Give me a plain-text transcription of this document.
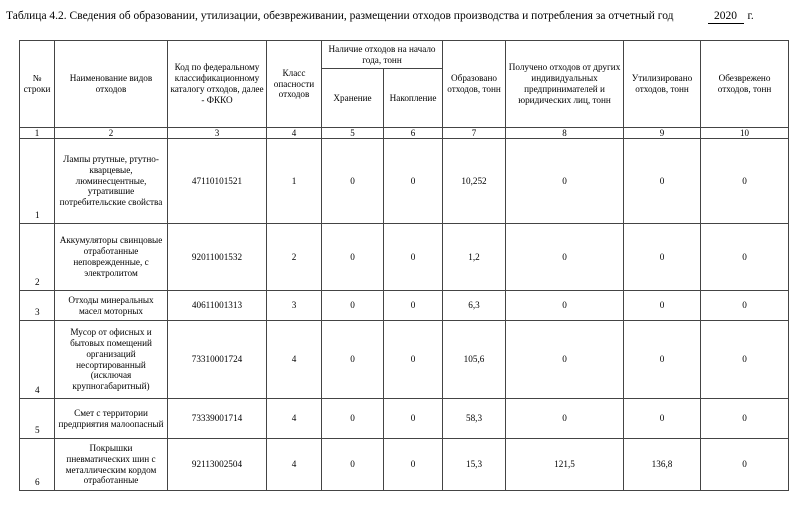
Таблица 4.2. Сведения об образовании, утилизации, обезвреживании, размещении отходов производства и потребления за отчетный год	2020 г.
№ строки	Наименование видов отходов	Код по федеральному классификационному каталогу отходов, далее - ФККО	Класс опасности отходов	Наличие отходов на начало года, тонн		Образовано отходов, тонн	Получено отходов от других индивидуальных предпринимателей и юридических лиц, тонн	Утилизировано отходов, тонн	Обезврежено отходов, тонн
				Хранение	Накопление				
1	2	3	4	5	6	7	8	9	10
1	Лампы ртутные, ртутно-кварцевые, люминесцентные, утратившие потребительские свойства	47110101521	1	0	0	10,252	0	0	0
2	Аккумуляторы свинцовые отработанные неповрежденные, с электролитом	92011001532	2	0	0	1,2	0	0	0
3	Отходы минеральных масел моторных	40611001313	3	0	0	6,3	0	0	0
4	Мусор от офисных и бытовых помещений организаций несортированный (исключая крупногабаритный)	73310001724	4	0	0	105,6	0	0	0
5	Смет с территории предприятия малоопасный	73339001714	4	0	0	58,3	0	0	0
6	Покрышки пневматических шин с металлическим кордом отработанные	92113002504	4	0	0	15,3	121,5	136,8	0
